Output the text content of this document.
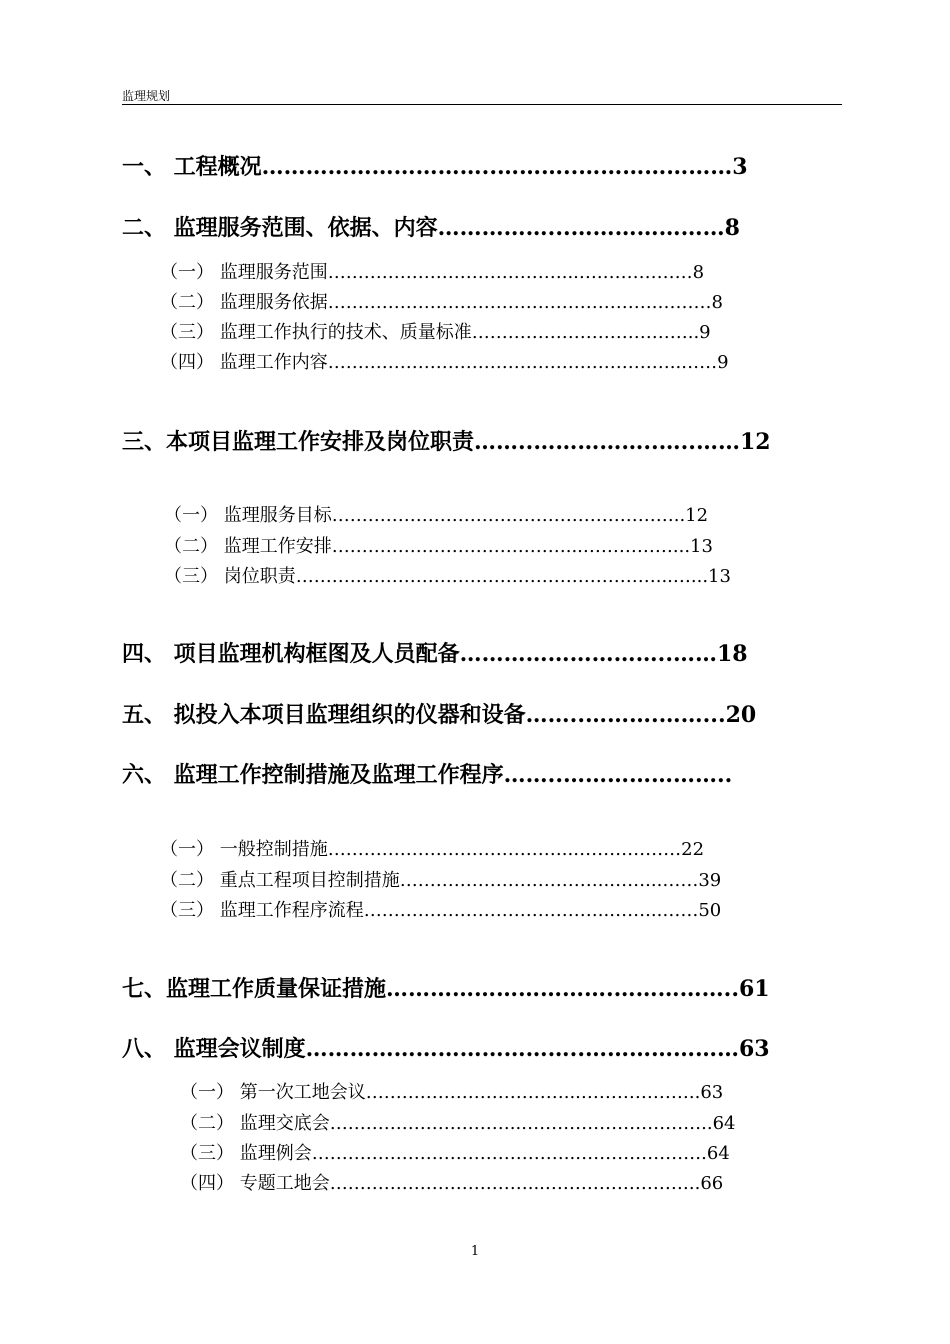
监理规划
一、 工程概况…………………………..………..…………………3
二、 监理服务范围、依据、内容……………...…………………8
（一） 监理服务范围…………………………………...….……………8
（二） 监理服务依据……………………………………………….………8
（三） 监理工作执行的技术、质量标准………………………………..9
（四） 监理工作内容…………………………………………………..……9
三、本项目监理工作安排及岗位职责……..……………..…..……12
（一） 监理服务目标…………………………………………………..12
（二） 监理工作安排…………………………………...……………...13
（三） 岗位职责……………………………………………………...…...13
四、 项目监理机构框图及人员配备………………………..……18
五、 拟投入本项目监理组织的仪器和设备……..……….……...20
六、 监理工作控制措施及监理工作程序……..…………………..
（一） 一般控制措施…………………………………..………………22
（二） 重点工程项目控制措施……………………………..……...……39
（三） 监理工作程序流程…………………………………..……...……50
七、监理工作质量保证措施………………………….……………..61
八、 监理会议制度………………………………..…………………63
（一） 第一次工地会议……………………………...………………..63
（二） 监理交底会…………………………..…………………………..64
（三） 监理例会……………………………………..………………….64
（四） 专题工地会……………………………...……………………..66
1
